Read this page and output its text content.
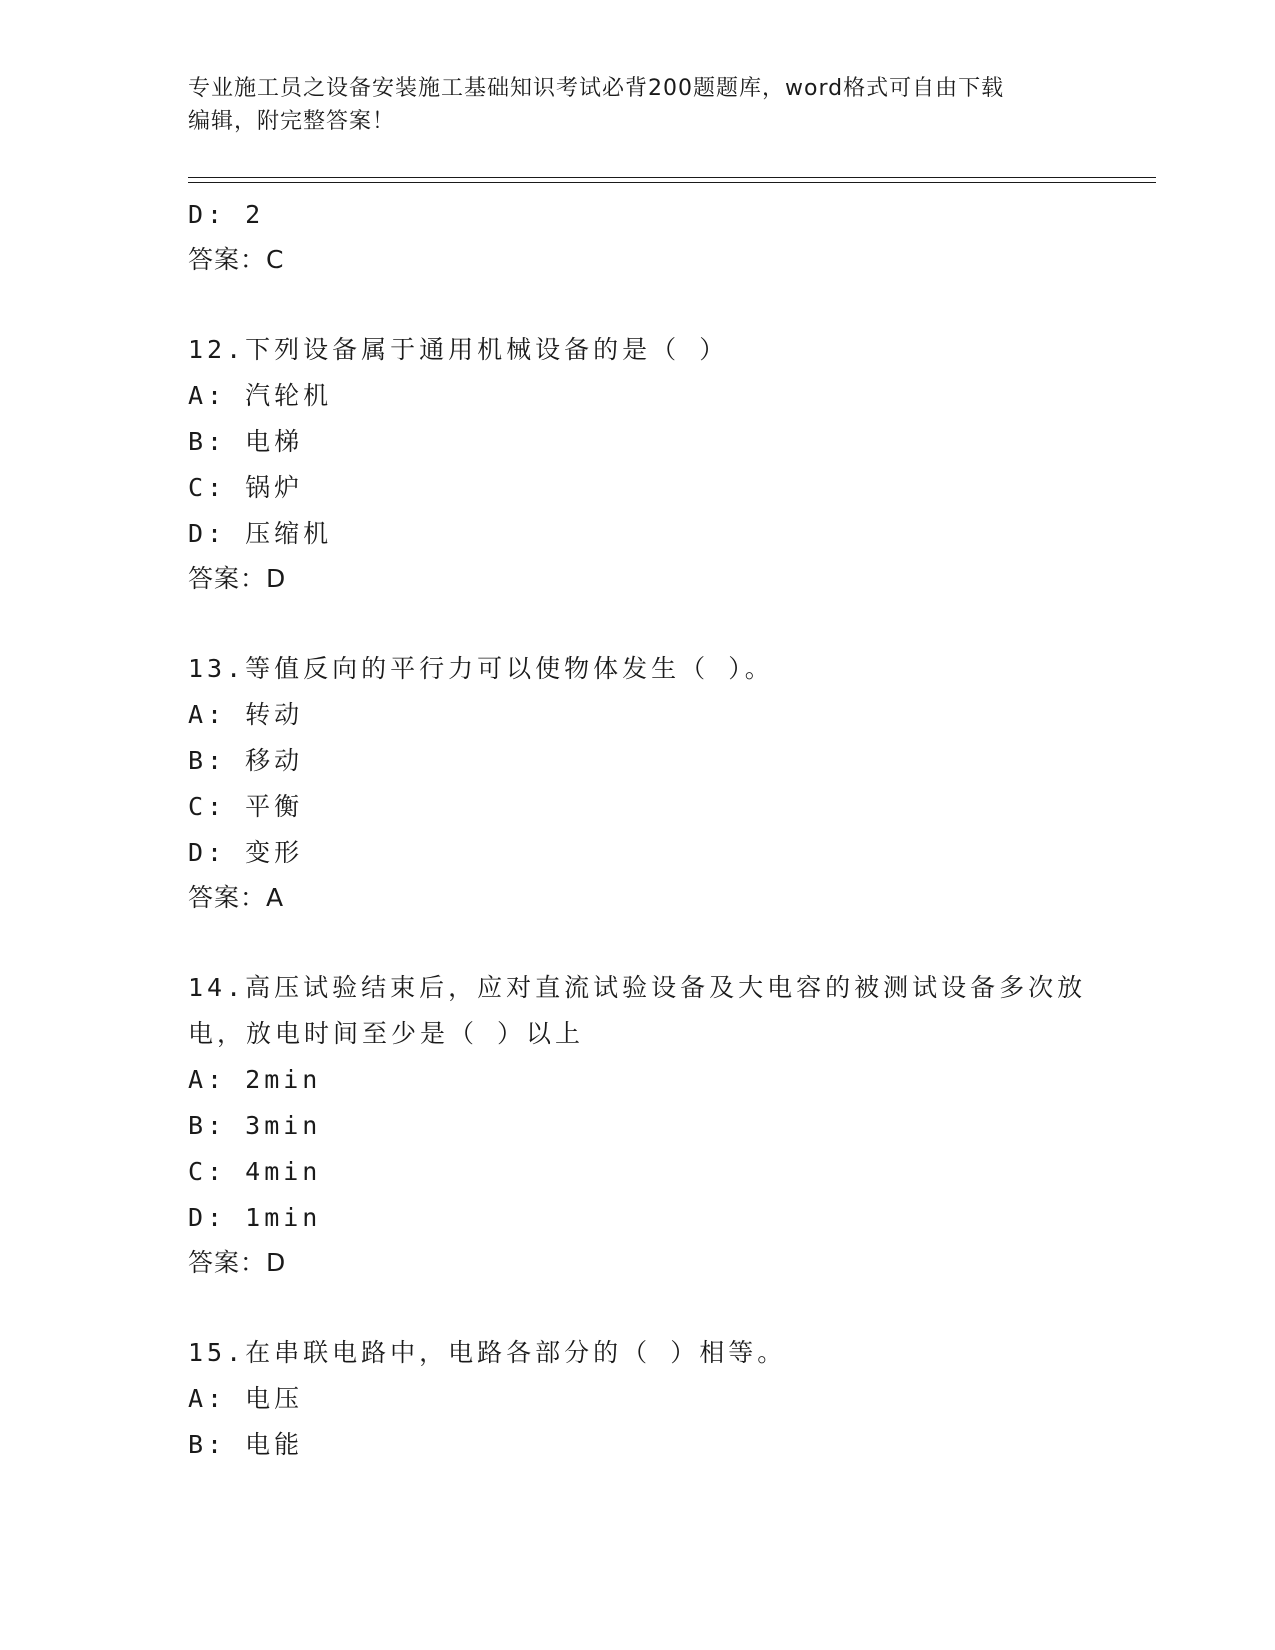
专业施工员之设备安装施工基础知识考试必背200题题库，word格式可自由下载
编辑，附完整答案！
D: 2
答案：C
12.下列设备属于通用机械设备的是（ ）
A: 汽轮机
B: 电梯
C: 锅炉
D: 压缩机
答案：D
13.等值反向的平行力可以使物体发生（ ）。
A: 转动
B: 移动
C: 平衡
D: 变形
答案：A
14.高压试验结束后，应对直流试验设备及大电容的被测试设备多次放
电，放电时间至少是（ ）以上
A: 2min
B: 3min
C: 4min
D: 1min
答案：D
15.在串联电路中，电路各部分的（ ）相等。
A: 电压
B: 电能
